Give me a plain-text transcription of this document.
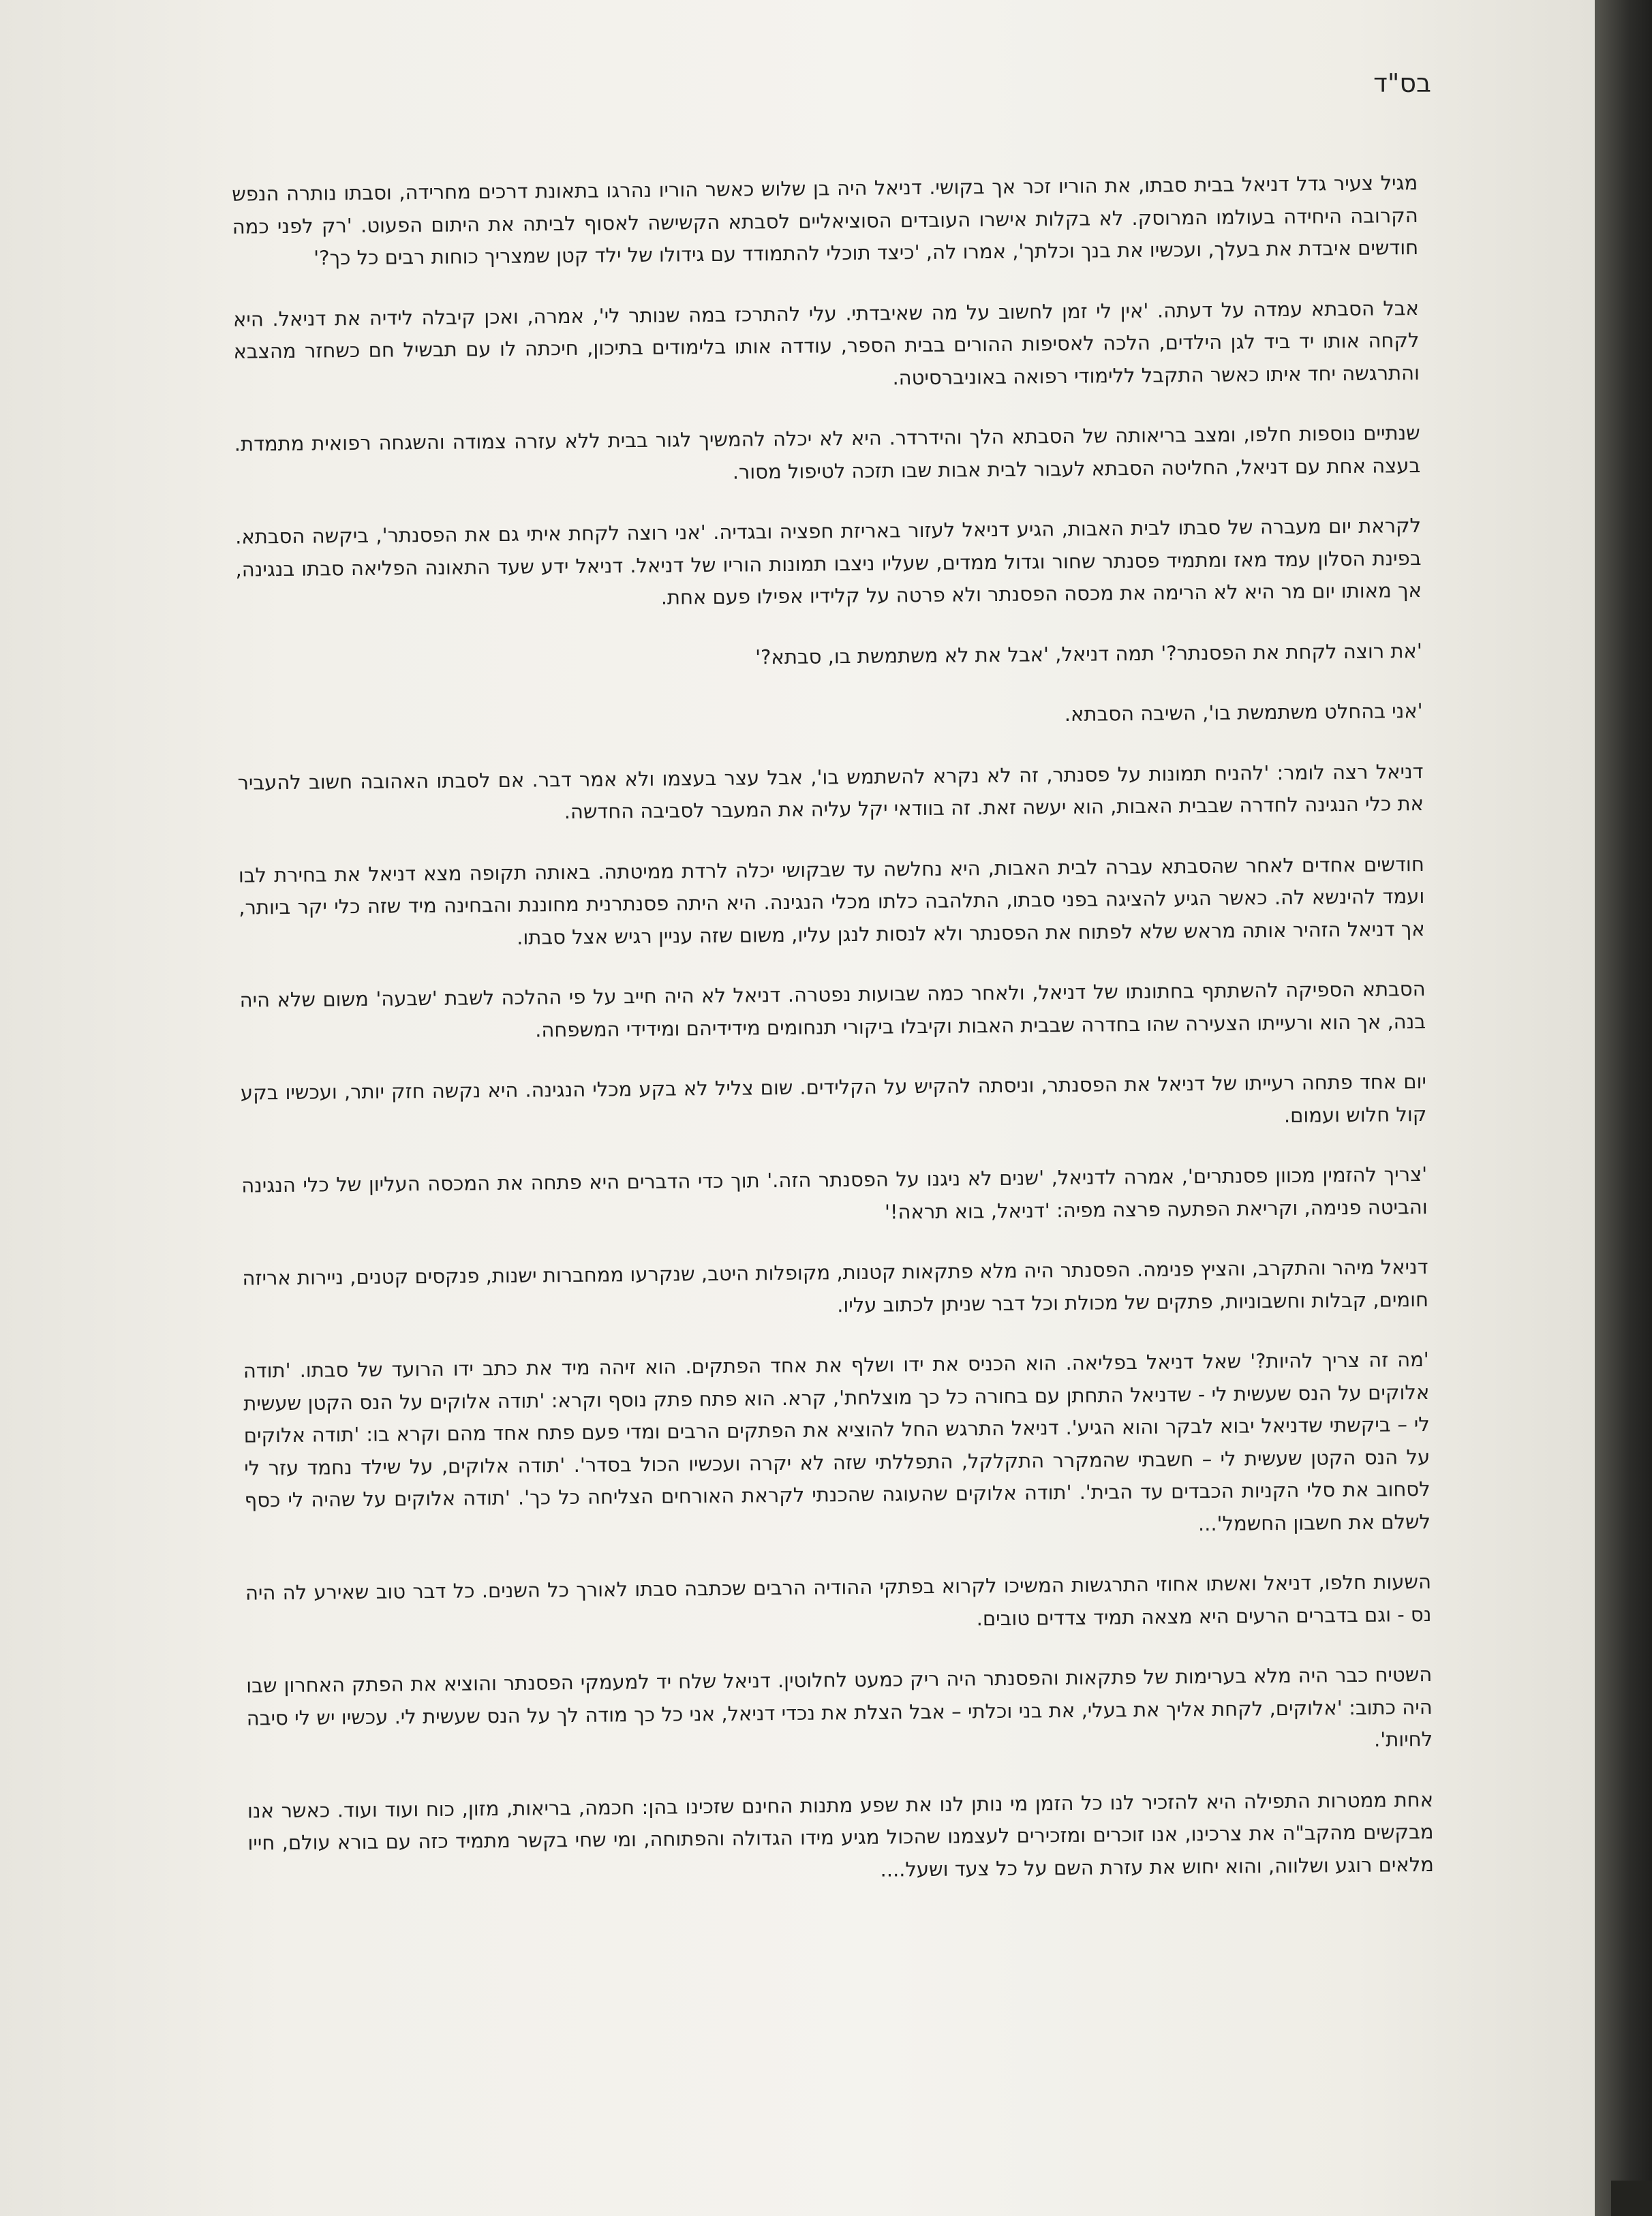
בס"ד

מגיל צעיר גדל דניאל בבית סבתו, את הוריו זכר אך בקושי. דניאל היה בן שלוש כאשר הוריו נהרגו בתאונת דרכים מחרידה, וסבתו נותרה הנפש הקרובה היחידה בעולמו המרוסק. לא בקלות אישרו העובדים הסוציאליים לסבתא הקשישה לאסוף לביתה את היתום הפעוט. 'רק לפני כמה חודשים איבדת את בעלך, ועכשיו את בנך וכלתך', אמרו לה, 'כיצד תוכלי להתמודד עם גידולו של ילד קטן שמצריך כוחות רבים כל כך?'

אבל הסבתא עמדה על דעתה. 'אין לי זמן לחשוב על מה שאיבדתי. עלי להתרכז במה שנותר לי', אמרה, ואכן קיבלה לידיה את דניאל. היא לקחה אותו יד ביד לגן הילדים, הלכה לאסיפות ההורים בבית הספר, עודדה אותו בלימודים בתיכון, חיכתה לו עם תבשיל חם כשחזר מהצבא והתרגשה יחד איתו כאשר התקבל ללימודי רפואה באוניברסיטה.

שנתיים נוספות חלפו, ומצב בריאותה של הסבתא הלך והידרדר. היא לא יכלה להמשיך לגור בבית ללא עזרה צמודה והשגחה רפואית מתמדת. בעצה אחת עם דניאל, החליטה הסבתא לעבור לבית אבות שבו תזכה לטיפול מסור.

לקראת יום מעברה של סבתו לבית האבות, הגיע דניאל לעזור באריזת חפציה ובגדיה. 'אני רוצה לקחת איתי גם את הפסנתר', ביקשה הסבתא. בפינת הסלון עמד מאז ומתמיד פסנתר שחור וגדול ממדים, שעליו ניצבו תמונות הוריו של דניאל. דניאל ידע שעד התאונה הפליאה סבתו בנגינה, אך מאותו יום מר היא לא הרימה את מכסה הפסנתר ולא פרטה על קלידיו אפילו פעם אחת.

'את רוצה לקחת את הפסנתר?' תמה דניאל, 'אבל את לא משתמשת בו, סבתא?'

'אני בהחלט משתמשת בו', השיבה הסבתא.

דניאל רצה לומר: 'להניח תמונות על פסנתר, זה לא נקרא להשתמש בו', אבל עצר בעצמו ולא אמר דבר. אם לסבתו האהובה חשוב להעביר את כלי הנגינה לחדרה שבבית האבות, הוא יעשה זאת. זה בוודאי יקל עליה את המעבר לסביבה החדשה.

חודשים אחדים לאחר שהסבתא עברה לבית האבות, היא נחלשה עד שבקושי יכלה לרדת ממיטתה. באותה תקופה מצא דניאל את בחירת לבו ועמד להינשא לה. כאשר הגיע להציגה בפני סבתו, התלהבה כלתו מכלי הנגינה. היא היתה פסנתרנית מחוננת והבחינה מיד שזה כלי יקר ביותר, אך דניאל הזהיר אותה מראש שלא לפתוח את הפסנתר ולא לנסות לנגן עליו, משום שזה עניין רגיש אצל סבתו.

הסבתא הספיקה להשתתף בחתונתו של דניאל, ולאחר כמה שבועות נפטרה. דניאל לא היה חייב על פי ההלכה לשבת 'שבעה' משום שלא היה בנה, אך הוא ורעייתו הצעירה שהו בחדרה שבבית האבות וקיבלו ביקורי תנחומים מידידיהם ומידידי המשפחה.

יום אחד פתחה רעייתו של דניאל את הפסנתר, וניסתה להקיש על הקלידים. שום צליל לא בקע מכלי הנגינה. היא נקשה חזק יותר, ועכשיו בקע קול חלוש ועמום.

'צריך להזמין מכוון פסנתרים', אמרה לדניאל, 'שנים לא ניגנו על הפסנתר הזה.' תוך כדי הדברים היא פתחה את המכסה העליון של כלי הנגינה והביטה פנימה, וקריאת הפתעה פרצה מפיה: 'דניאל, בוא תראה!'

דניאל מיהר והתקרב, והציץ פנימה. הפסנתר היה מלא פתקאות קטנות, מקופלות היטב, שנקרעו ממחברות ישנות, פנקסים קטנים, ניירות אריזה חומים, קבלות וחשבוניות, פתקים של מכולת וכל דבר שניתן לכתוב עליו.

'מה זה צריך להיות?' שאל דניאל בפליאה. הוא הכניס את ידו ושלף את אחד הפתקים. הוא זיהה מיד את כתב ידו הרועד של סבתו. 'תודה אלוקים על הנס שעשית לי - שדניאל התחתן עם בחורה כל כך מוצלחת', קרא. הוא פתח פתק נוסף וקרא: 'תודה אלוקים על הנס הקטן שעשית לי – ביקשתי שדניאל יבוא לבקר והוא הגיע'. דניאל התרגש החל להוציא את הפתקים הרבים ומדי פעם פתח אחד מהם וקרא בו: 'תודה אלוקים על הנס הקטן שעשית לי – חשבתי שהמקרר התקלקל, התפללתי שזה לא יקרה ועכשיו הכול בסדר'. 'תודה אלוקים, על שילד נחמד עזר לי לסחוב את סלי הקניות הכבדים עד הבית'. 'תודה אלוקים שהעוגה שהכנתי לקראת האורחים הצליחה כל כך'. 'תודה אלוקים על שהיה לי כסף לשלם את חשבון החשמל'...

השעות חלפו, דניאל ואשתו אחוזי התרגשות המשיכו לקרוא בפתקי ההודיה הרבים שכתבה סבתו לאורך כל השנים. כל דבר טוב שאירע לה היה נס - וגם בדברים הרעים היא מצאה תמיד צדדים טובים.

השטיח כבר היה מלא בערימות של פתקאות והפסנתר היה ריק כמעט לחלוטין. דניאל שלח יד למעמקי הפסנתר והוציא את הפתק האחרון שבו היה כתוב: 'אלוקים, לקחת אליך את בעלי, את בני וכלתי – אבל הצלת את נכדי דניאל, אני כל כך מודה לך על הנס שעשית לי. עכשיו יש לי סיבה לחיות'.

אחת ממטרות התפילה היא להזכיר לנו כל הזמן מי נותן לנו את שפע מתנות החינם שזכינו בהן: חכמה, בריאות, מזון, כוח ועוד ועוד. כאשר אנו מבקשים מהקב"ה את צרכינו, אנו זוכרים ומזכירים לעצמנו שהכול מגיע מידו הגדולה והפתוחה, ומי שחי בקשר מתמיד כזה עם בורא עולם, חייו מלאים רוגע ושלווה, והוא יחוש את עזרת השם על כל צעד ושעל....
